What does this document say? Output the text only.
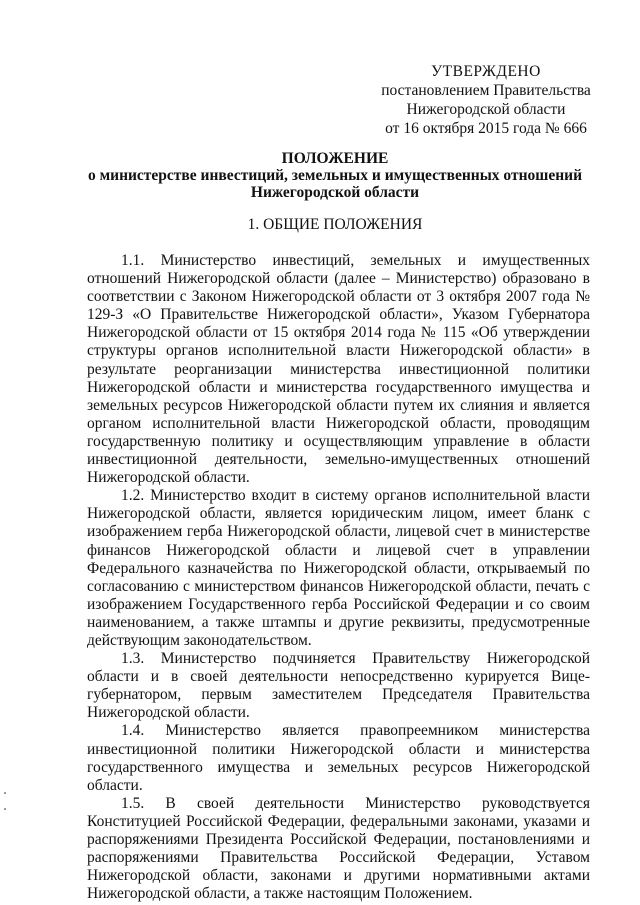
УТВЕРЖДЕНО
постановлением Правительства
Нижегородской области
от 16 октября 2015 года № 666
ПОЛОЖЕНИЕ
о министерстве инвестиций, земельных и имущественных отношений
Нижегородской области
1. ОБЩИЕ ПОЛОЖЕНИЯ

1.1. Министерство инвестиций, земельных и имущественных отношений Нижегородской области (далее – Министерство) образовано в соответствии с Законом Нижегородской области от 3 октября 2007 года № 129-З «О Правительстве Нижегородской области», Указом Губернатора Нижегородской области от 15 октября 2014 года № 115 «Об утверждении структуры органов исполнительной власти Нижегородской области» в результате реорганизации министерства инвестиционной политики Нижегородской области и министерства государственного имущества и земельных ресурсов Нижегородской области путем их слияния и является органом исполнительной власти Нижегородской области, проводящим государственную политику и осуществляющим управление в области инвестиционной деятельности, земельно-имущественных отношений Нижегородской области.

1.2. Министерство входит в систему органов исполнительной власти Нижегородской области, является юридическим лицом, имеет бланк с изображением герба Нижегородской области, лицевой счет в министерстве финансов Нижегородской области и лицевой счет в управлении Федерального казначейства по Нижегородской области, открываемый по согласованию с министерством финансов Нижегородской области, печать с изображением Государственного герба Российской Федерации и со своим наименованием, а также штампы и другие реквизиты, предусмотренные действующим законодательством.

1.3. Министерство подчиняется Правительству Нижегородской области и в своей деятельности непосредственно курируется Вице-губернатором, первым заместителем Председателя Правительства Нижегородской области.

1.4. Министерство является правопреемником министерства инвестиционной политики Нижегородской области и министерства государственного имущества и земельных ресурсов Нижегородской области.

1.5. В своей деятельности Министерство руководствуется Конституцией Российской Федерации, федеральными законами, указами и распоряжениями Президента Российской Федерации, постановлениями и распоряжениями Правительства Российской Федерации, Уставом Нижегородской области, законами и другими нормативными актами Нижегородской области, а также настоящим Положением.
